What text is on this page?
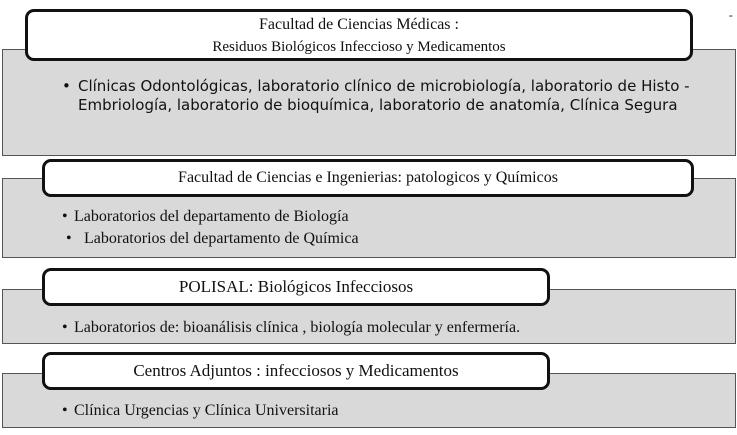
-
Facultad de Ciencias Médicas :
Residuos Biológicos Infeccioso y Medicamentos
• Clínicas Odontológicas, laboratorio clínico de microbiología, laboratorio de Histo -Embriología, laboratorio de bioquímica, laboratorio de anatomía, Clínica Segura
Facultad de Ciencias e Ingenierias: patologicos y Químicos
• Laboratorios del departamento de Biología
• Laboratorios del departamento de Química
POLISAL: Biológicos Infecciosos
• Laboratorios de: bioanálisis clínica , biología molecular y enfermería.
Centros Adjuntos : infecciosos y Medicamentos
• Clínica Urgencias y Clínica Universitaria
